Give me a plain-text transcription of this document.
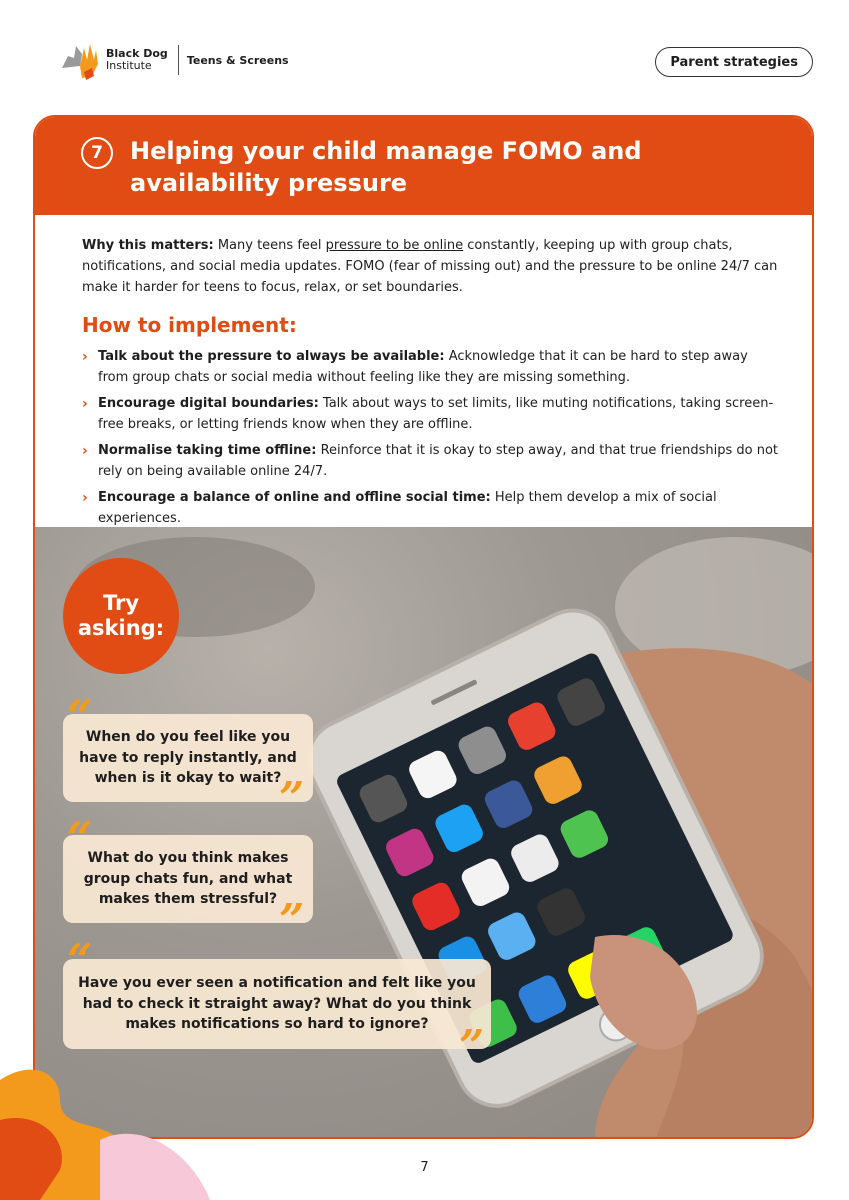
Black Dog
Institute	Teens & Screens	Parent strategies
7	Helping your child manage FOMO and availability pressure

Why this matters: Many teens feel pressure to be online constantly, keeping up with group chats, notifications, and social media updates. FOMO (fear of missing out) and the pressure to be online 24/7 can make it harder for teens to focus, relax, or set boundaries.

How to implement:
› Talk about the pressure to always be available: Acknowledge that it can be hard to step away from group chats or social media without feeling like they are missing something.
› Encourage digital boundaries: Talk about ways to set limits, like muting notifications, taking screen-free breaks, or letting friends know when they are offline.
› Normalise taking time offline: Reinforce that it is okay to step away, and that true friendships do not rely on being available online 24/7.
› Encourage a balance of online and offline social time: Help them develop a mix of social experiences.
Try
asking:
When do you feel like you have to reply instantly, and when is it okay to wait?
“
”
What do you think makes group chats fun, and what makes them stressful?
“
”
Have you ever seen a notification and felt like you had to check it straight away? What do you think makes notifications so hard to ignore?
“
”
7
